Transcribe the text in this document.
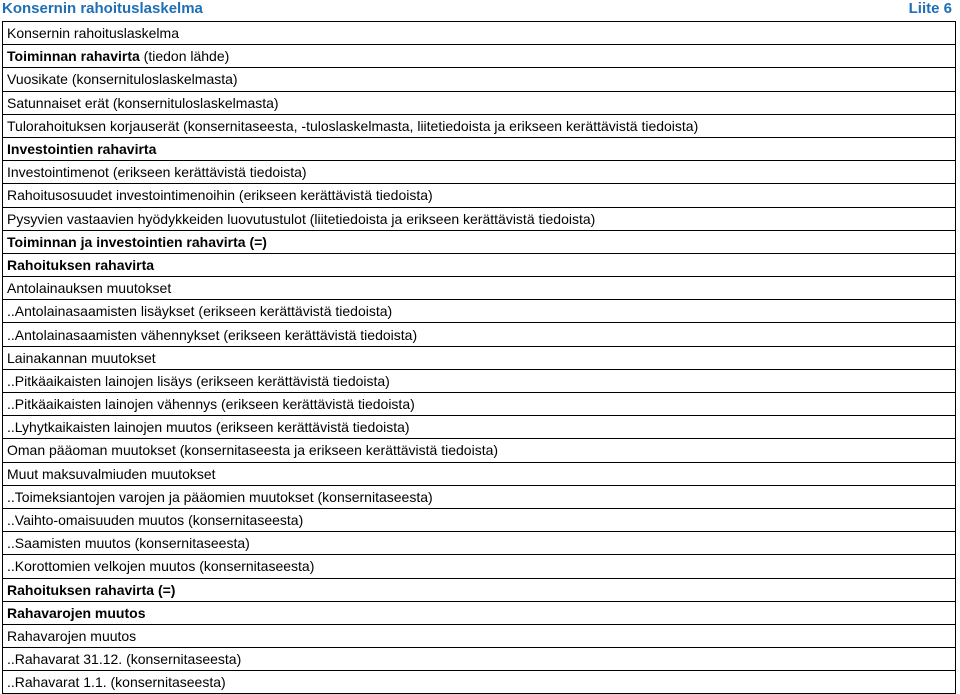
Konsernin rahoituslaskelma	Liite 6
Konsernin rahoituslaskelma
Toiminnan rahavirta (tiedon lähde)
Vuosikate (konsernituloslaskelmasta)
Satunnaiset erät (konsernituloslaskelmasta)
Tulorahoituksen korjauserät (konsernitaseesta, -tuloslaskelmasta, liitetiedoista ja erikseen kerättävistä tiedoista)
Investointien rahavirta
Investointimenot (erikseen kerättävistä tiedoista)
Rahoitusosuudet investointimenoihin (erikseen kerättävistä tiedoista)
Pysyvien vastaavien hyödykkeiden luovutustulot (liitetiedoista ja erikseen kerättävistä tiedoista)
Toiminnan ja investointien rahavirta (=)
Rahoituksen rahavirta
Antolainauksen muutokset
..Antolainasaamisten lisäykset (erikseen kerättävistä tiedoista)
..Antolainasaamisten vähennykset (erikseen kerättävistä tiedoista)
Lainakannan muutokset
..Pitkäaikaisten lainojen lisäys (erikseen kerättävistä tiedoista)
..Pitkäaikaisten lainojen vähennys (erikseen kerättävistä tiedoista)
..Lyhytkaikaisten lainojen muutos (erikseen kerättävistä tiedoista)
Oman pääoman muutokset (konsernitaseesta ja erikseen kerättävistä tiedoista)
Muut maksuvalmiuden muutokset
..Toimeksiantojen varojen ja pääomien muutokset (konsernitaseesta)
..Vaihto-omaisuuden muutos (konsernitaseesta)
..Saamisten muutos (konsernitaseesta)
..Korottomien velkojen muutos (konsernitaseesta)
Rahoituksen rahavirta (=)
Rahavarojen muutos
Rahavarojen muutos
..Rahavarat 31.12. (konsernitaseesta)
..Rahavarat 1.1. (konsernitaseesta)
